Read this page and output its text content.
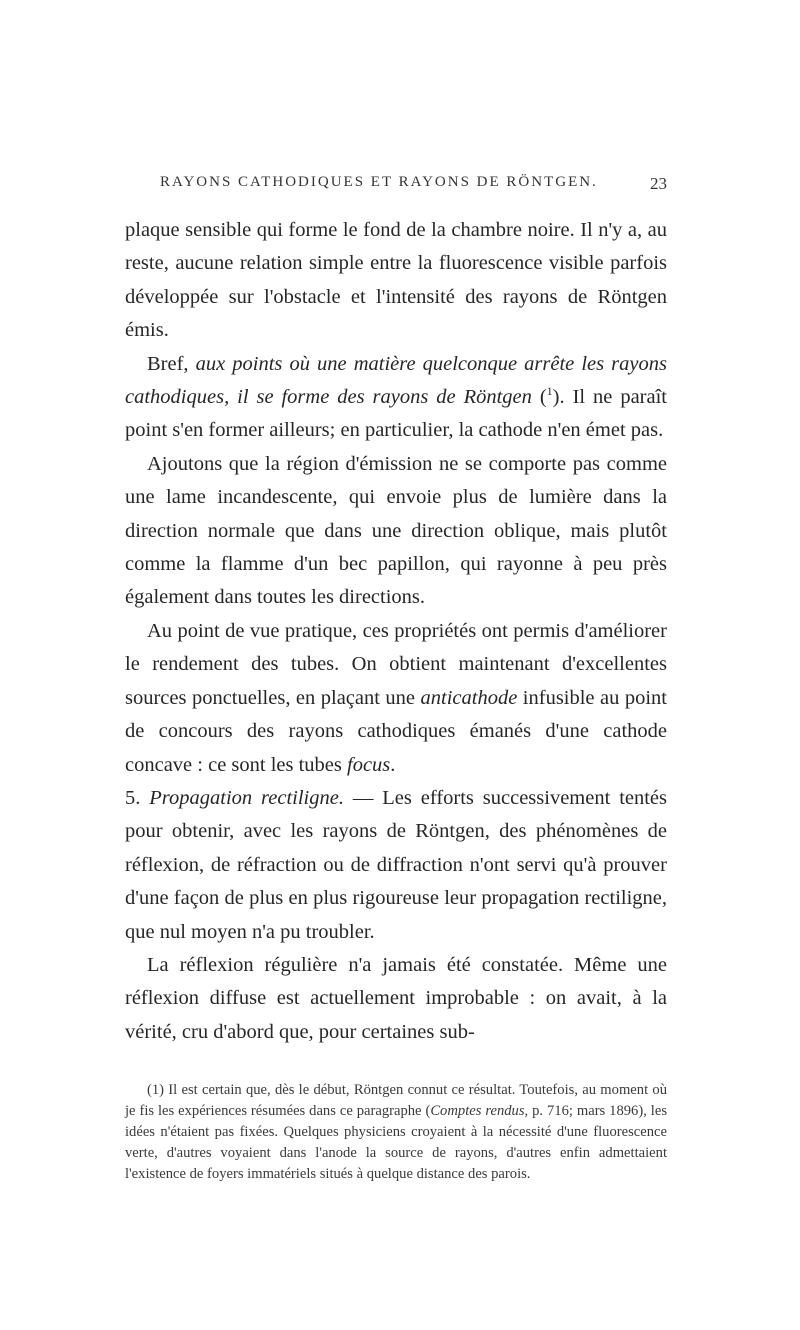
RAYONS CATHODIQUES ET RAYONS DE RÖNTGEN.	23

plaque sensible qui forme le fond de la chambre noire. Il n'y a, au reste, aucune relation simple entre la fluorescence visible parfois développée sur l'obstacle et l'intensité des rayons de Röntgen émis.

Bref, aux points où une matière quelconque arrête les rayons cathodiques, il se forme des rayons de Röntgen ($^1$). Il ne paraît point s'en former ailleurs; en particulier, la cathode n'en émet pas.

Ajoutons que la région d'émission ne se comporte pas comme une lame incandescente, qui envoie plus de lumière dans la direction normale que dans une direction oblique, mais plutôt comme la flamme d'un bec papillon, qui rayonne à peu près également dans toutes les directions.

Au point de vue pratique, ces propriétés ont permis d'améliorer le rendement des tubes. On obtient maintenant d'excellentes sources ponctuelles, en plaçant une anticathode infusible au point de concours des rayons cathodiques émanés d'une cathode concave : ce sont les tubes focus.

5. Propagation rectiligne. — Les efforts successivement tentés pour obtenir, avec les rayons de Röntgen, des phénomènes de réflexion, de réfraction ou de diffraction n'ont servi qu'à prouver d'une façon de plus en plus rigoureuse leur propagation rectiligne, que nul moyen n'a pu troubler.

La réflexion régulière n'a jamais été constatée. Même une réflexion diffuse est actuellement improbable : on avait, à la vérité, cru d'abord que, pour certaines sub-

(1) Il est certain que, dès le début, Röntgen connut ce résultat. Toutefois, au moment où je fis les expériences résumées dans ce paragraphe (Comptes rendus, p. 716; mars 1896), les idées n'étaient pas fixées. Quelques physiciens croyaient à la nécessité d'une fluorescence verte, d'autres voyaient dans l'anode la source de rayons, d'autres enfin admettaient l'existence de foyers immatériels situés à quelque distance des parois.
